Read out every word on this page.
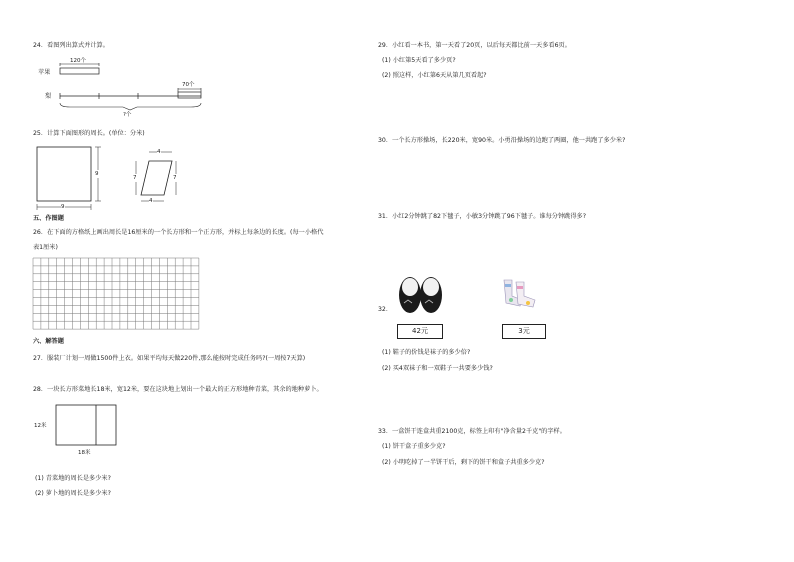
24．看图列出算式并计算。
120个
苹果
梨
70个
?个
25．计算下面图形的周长。(单位：分米)
9
9
4
7	7
4
五、作图题
26．在下面的方格纸上画出周长是16厘米的一个长方形和一个正方形，并标上每条边的长度。(每一小格代
表1厘米)
六、解答题
27．服装厂计划一周做1500件上衣。如果平均每天做220件,那么能按时完成任务吗?(一周按7天算)
28．一块长方形菜地长18米，宽12米，要在这块地上划出一个最大的正方形地种青菜，其余的地种萝卜。
12米
18米
(1) 青菜地的周长是多少米?
(2) 萝卜地的周长是多少米?
29．小红看一本书，第一天看了20页，以后每天都比前一天多看6页。
(1) 小红第5天看了多少页?
(2) 照这样，小红第6天从第几页看起?
30．一个长方形操场，长220米，宽90米。小勇沿操场的边跑了两圈，他一共跑了多少米?
31．小红2分钟跳了82下毽子，小敏3分钟跳了96下毽子。谁每分钟跳得多?
32．
42元	3元
(1) 鞋子的价钱是袜子的多少倍?
(2) 买4双袜子和一双鞋子一共要多少钱?
33．一盒饼干连盒共重2100克，标签上印有"净含量2千克"的字样。
(1) 饼干盒子重多少克?
(2) 小明吃掉了一半饼干后，剩下的饼干和盒子共重多少克?
